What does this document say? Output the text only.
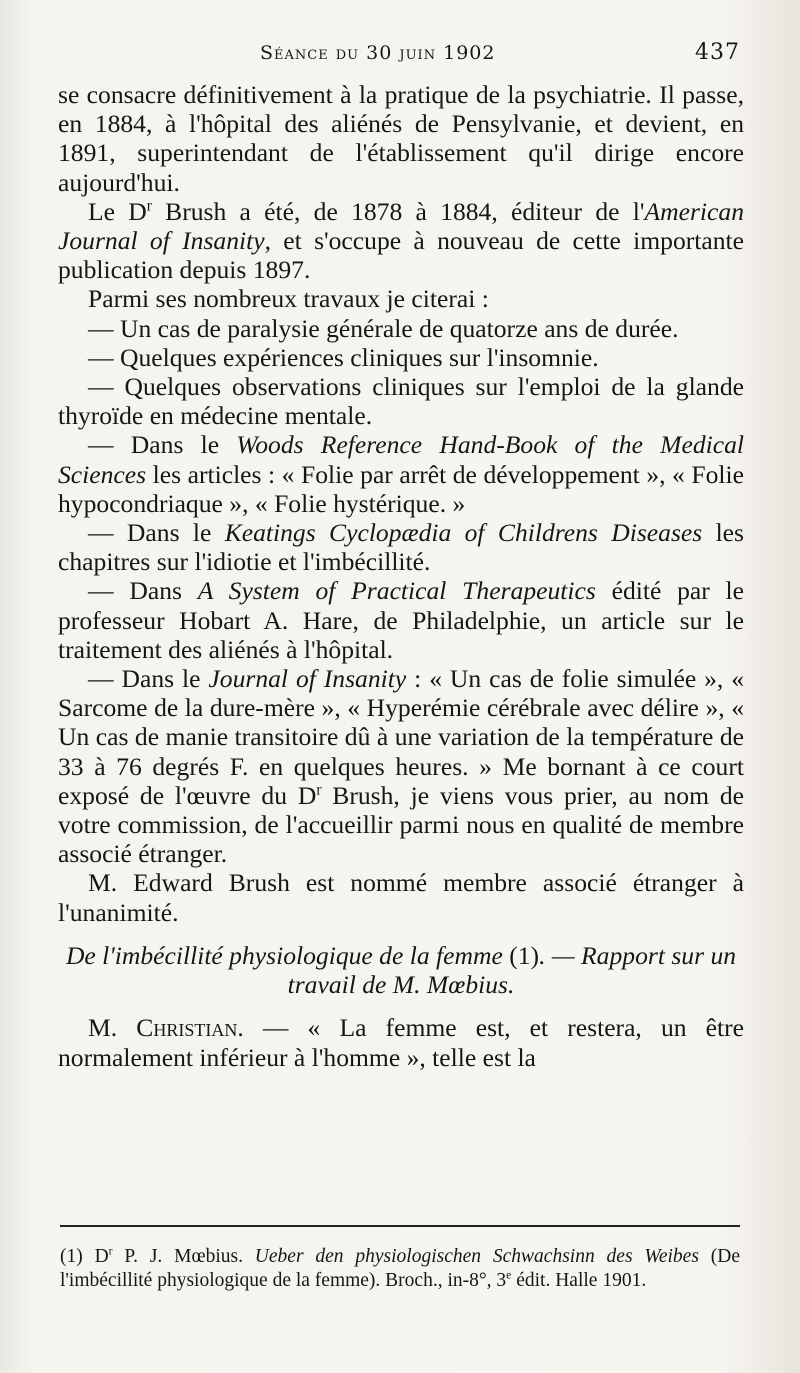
Séance du 30 juin 1902	437

se consacre définitivement à la pratique de la psychiatrie. Il passe, en 1884, à l'hôpital des aliénés de Pensylvanie, et devient, en 1891, superintendant de l'établissement qu'il dirige encore aujourd'hui.

Le $D^r$ Brush a été, de 1878 à 1884, éditeur de l'American Journal of Insanity, et s'occupe à nouveau de cette importante publication depuis 1897.

Parmi ses nombreux travaux je citerai :

— Un cas de paralysie générale de quatorze ans de durée.

— Quelques expériences cliniques sur l'insomnie.

— Quelques observations cliniques sur l'emploi de la glande thyroïde en médecine mentale.

— Dans le Woods Reference Hand-Book of the Medical Sciences les articles : « Folie par arrêt de développement », « Folie hypocondriaque », « Folie hystérique. »

— Dans le Keatings Cyclopædia of Childrens Diseases les chapitres sur l'idiotie et l'imbécillité.

— Dans A System of Practical Therapeutics édité par le professeur Hobart A. Hare, de Philadelphie, un article sur le traitement des aliénés à l'hôpital.

— Dans le Journal of Insanity : « Un cas de folie simulée », « Sarcome de la dure-mère », « Hyperémie cérébrale avec délire », « Un cas de manie transitoire dû à une variation de la température de 33 à 76 degrés F. en quelques heures. » Me bornant à ce court exposé de l'œuvre du $D^r$ Brush, je viens vous prier, au nom de votre commission, de l'accueillir parmi nous en qualité de membre associé étranger.

M. Edward Brush est nommé membre associé étranger à l'unanimité.

De l'imbécillité physiologique de la femme (1). — Rapport sur un travail de M. Mœbius.

M. Christian. — « La femme est, et restera, un être normalement inférieur à l'homme », telle est la

(1) $D^r$ P. J. Mœbius. Ueber den physiologischen Schwachsinn des Weibes (De l'imbécillité physiologique de la femme). Broch., in-8°, 3e édit. Halle 1901.
